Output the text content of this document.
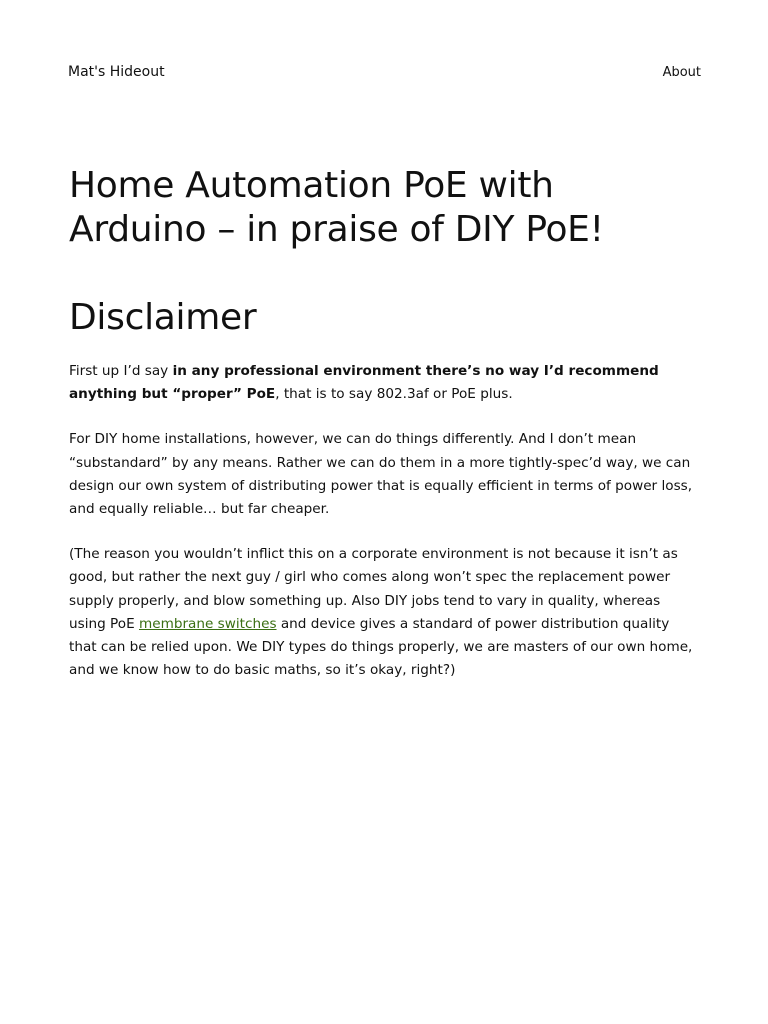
Mat's Hideout	About
Home Automation PoE with Arduino – in praise of DIY PoE!
Disclaimer

First up I’d say in any professional environment there’s no way I’d recommend anything but “proper” PoE, that is to say 802.3af or PoE plus.

For DIY home installations, however, we can do things differently. And I don’t mean “substandard” by any means. Rather we can do them in a more tightly-spec’d way, we can design our own system of distributing power that is equally efficient in terms of power loss, and equally reliable… but far cheaper.

(The reason you wouldn’t inflict this on a corporate environment is not because it isn’t as good, but rather the next guy / girl who comes along won’t spec the replacement power supply properly, and blow something up. Also DIY jobs tend to vary in quality, whereas using PoE membrane switches and device gives a standard of power distribution quality that can be relied upon. We DIY types do things properly, we are masters of our own home, and we know how to do basic maths, so it’s okay, right?)
